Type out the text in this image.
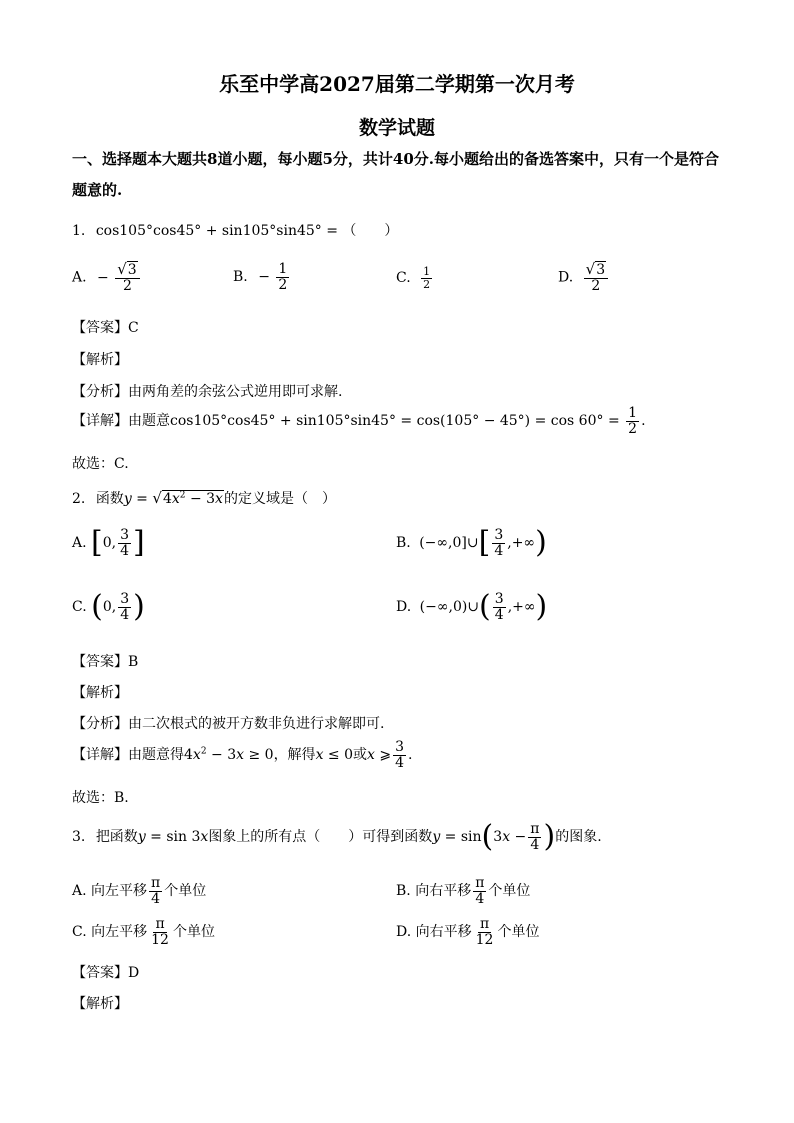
乐至中学高2027届第二学期第一次月考
数学试题
一、选择题本大题共8道小题，每小题5分，共计40分.每小题给出的备选答案中，只有一个是符合题意的.
1. cos105°cos45° + sin105°sin45° = （　　）
A. − $\frac{√3}{2}$	B. − $\frac{1}{2}$	C. $\frac{1}{2}$	D. $\frac{√3}{2}$
【答案】C
【解析】
【分析】由两角差的余弦公式逆用即可求解.
【详解】由题意$\cos 105^\circ\cos 45^\circ + \sin 105^\circ\sin 45^\circ = \cos(105^\circ - 45^\circ) = \cos 60^\circ = \frac{1}{2}$ .
故选：C.
2. 函数$y = √4x^2 - 3x$的定义域是（　）
A. [0, $\frac{3}{4}$ ]	B. (−∞,0]∪[ $\frac{3}{4}$ ,+∞)
C. (0, $\frac{3}{4}$ )	D. (−∞,0)∪( $\frac{3}{4}$ ,+∞)
【答案】B
【解析】
【分析】由二次根式的被开方数非负进行求解即可.
【详解】由题意得$4x^2 - 3x \ge 0$，解得x ≤ 0或x ⩾ $\frac{3}{4}$ .
故选：B.
3. 把函数y = sin 3x图象上的所有点（　　）可得到函数$y = \sin(3x - \frac{\pi}{4}$ )的图象.
A. 向左平移 $\frac{\pi}{4}$ 个单位	B. 向右平移 $\frac{\pi}{4}$ 个单位
C. 向左平移 $\frac{\pi}{12}$ 个单位	D. 向右平移 $\frac{\pi}{12}$ 个单位
【答案】D
【解析】
